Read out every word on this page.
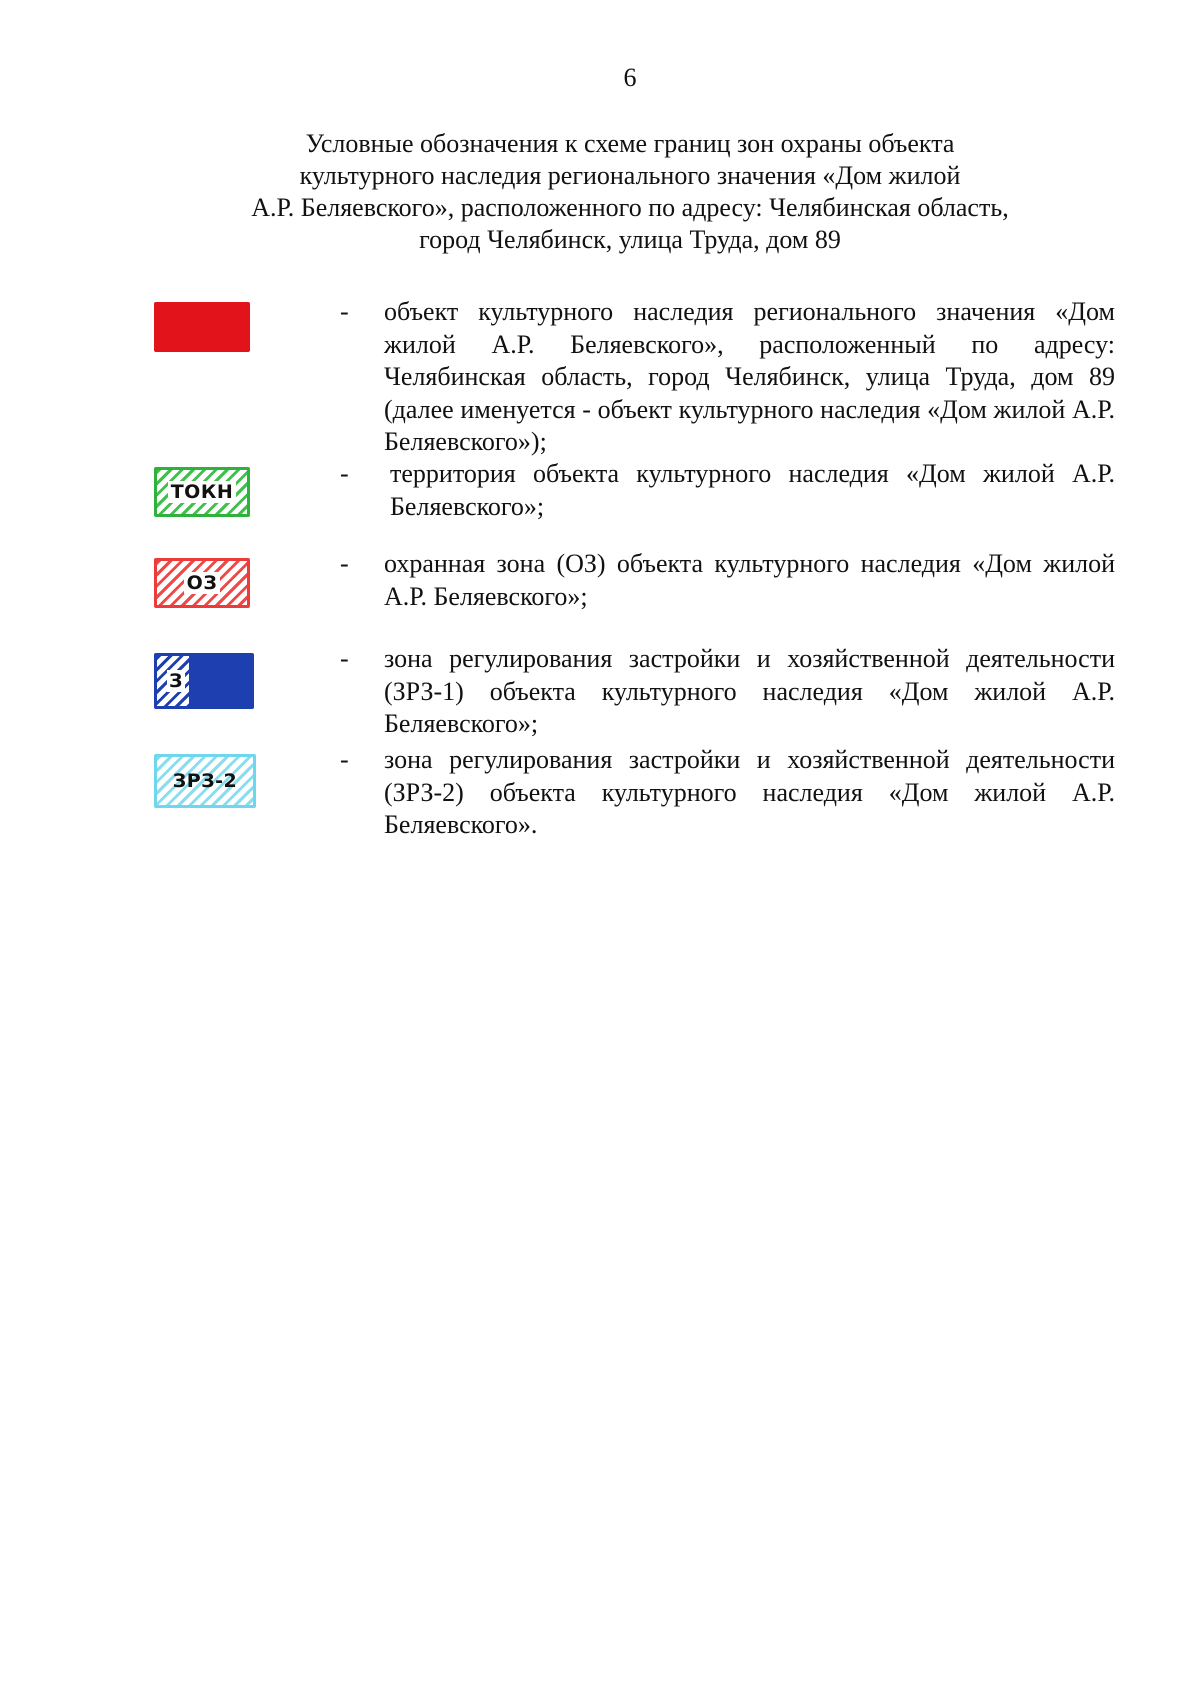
6
Условные обозначения к схеме границ зон охраны объекта
культурного наследия регионального значения «Дом жилой
А.Р. Беляевского», расположенного по адресу: Челябинская область,
город Челябинск, улица Труда, дом 89
- объект культурного наследия регионального значения «Дом жилой А.Р. Беляевского», расположенный по адресу: Челябинская область, город Челябинск, улица Труда, дом 89 (далее именуется - объект культурного наследия «Дом жилой А.Р. Беляевского»);
ТОКН
- территория объекта культурного наследия «Дом жилой А.Р. Беляевского»;
ОЗ
- охранная зона (ОЗ) объекта культурного наследия «Дом жилой А.Р. Беляевского»;
З
- зона регулирования застройки и хозяйственной деятельности (ЗРЗ-1) объекта культурного наследия «Дом жилой А.Р. Беляевского»;
ЗРЗ-2
- зона регулирования застройки и хозяйственной деятельности (ЗРЗ-2) объекта культурного наследия «Дом жилой А.Р. Беляевского».
